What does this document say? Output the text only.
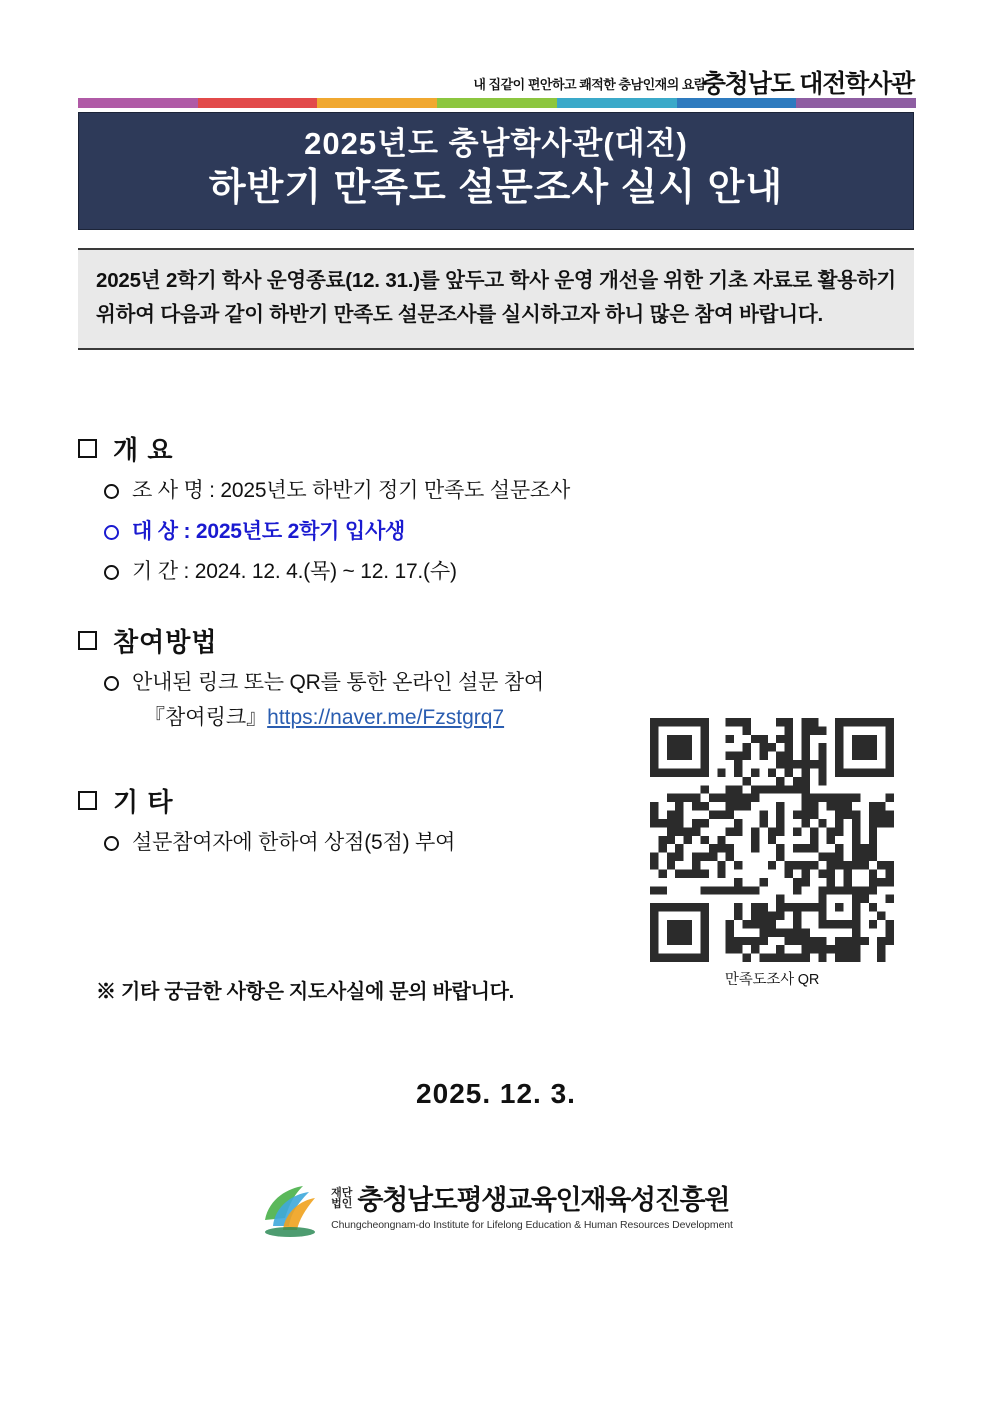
내 집같이 편안하고 쾌적한 충남인재의 요람
충청남도 대전학사관
2025년도 충남학사관(대전)
하반기 만족도 설문조사 실시 안내
2025년 2학기 학사 운영종료(12. 31.)를 앞두고 학사 운영 개선을 위한 기초 자료로 활용하기 위하여 다음과 같이 하반기 만족도 설문조사를 실시하고자 하니 많은 참여 바랍니다.
개 요
조 사 명 : 2025년도 하반기 정기 만족도 설문조사
대 상 : 2025년도 2학기 입사생
기 간 : 2024. 12. 4.(목) ~ 12. 17.(수)
참여방법
안내된 링크 또는 QR를 통한 온라인 설문 참여
『참여링크』https://naver.me/Fzstgrq7
기 타
설문참여자에 한하여 상점(5점) 부여
만족도조사 QR
※ 기타 궁금한 사항은 지도사실에 문의 바랍니다.
2025. 12. 3.
재단
법인 충청남도평생교육인재육성진흥원
Chungcheongnam-do Institute for Lifelong Education & Human Resources Development
